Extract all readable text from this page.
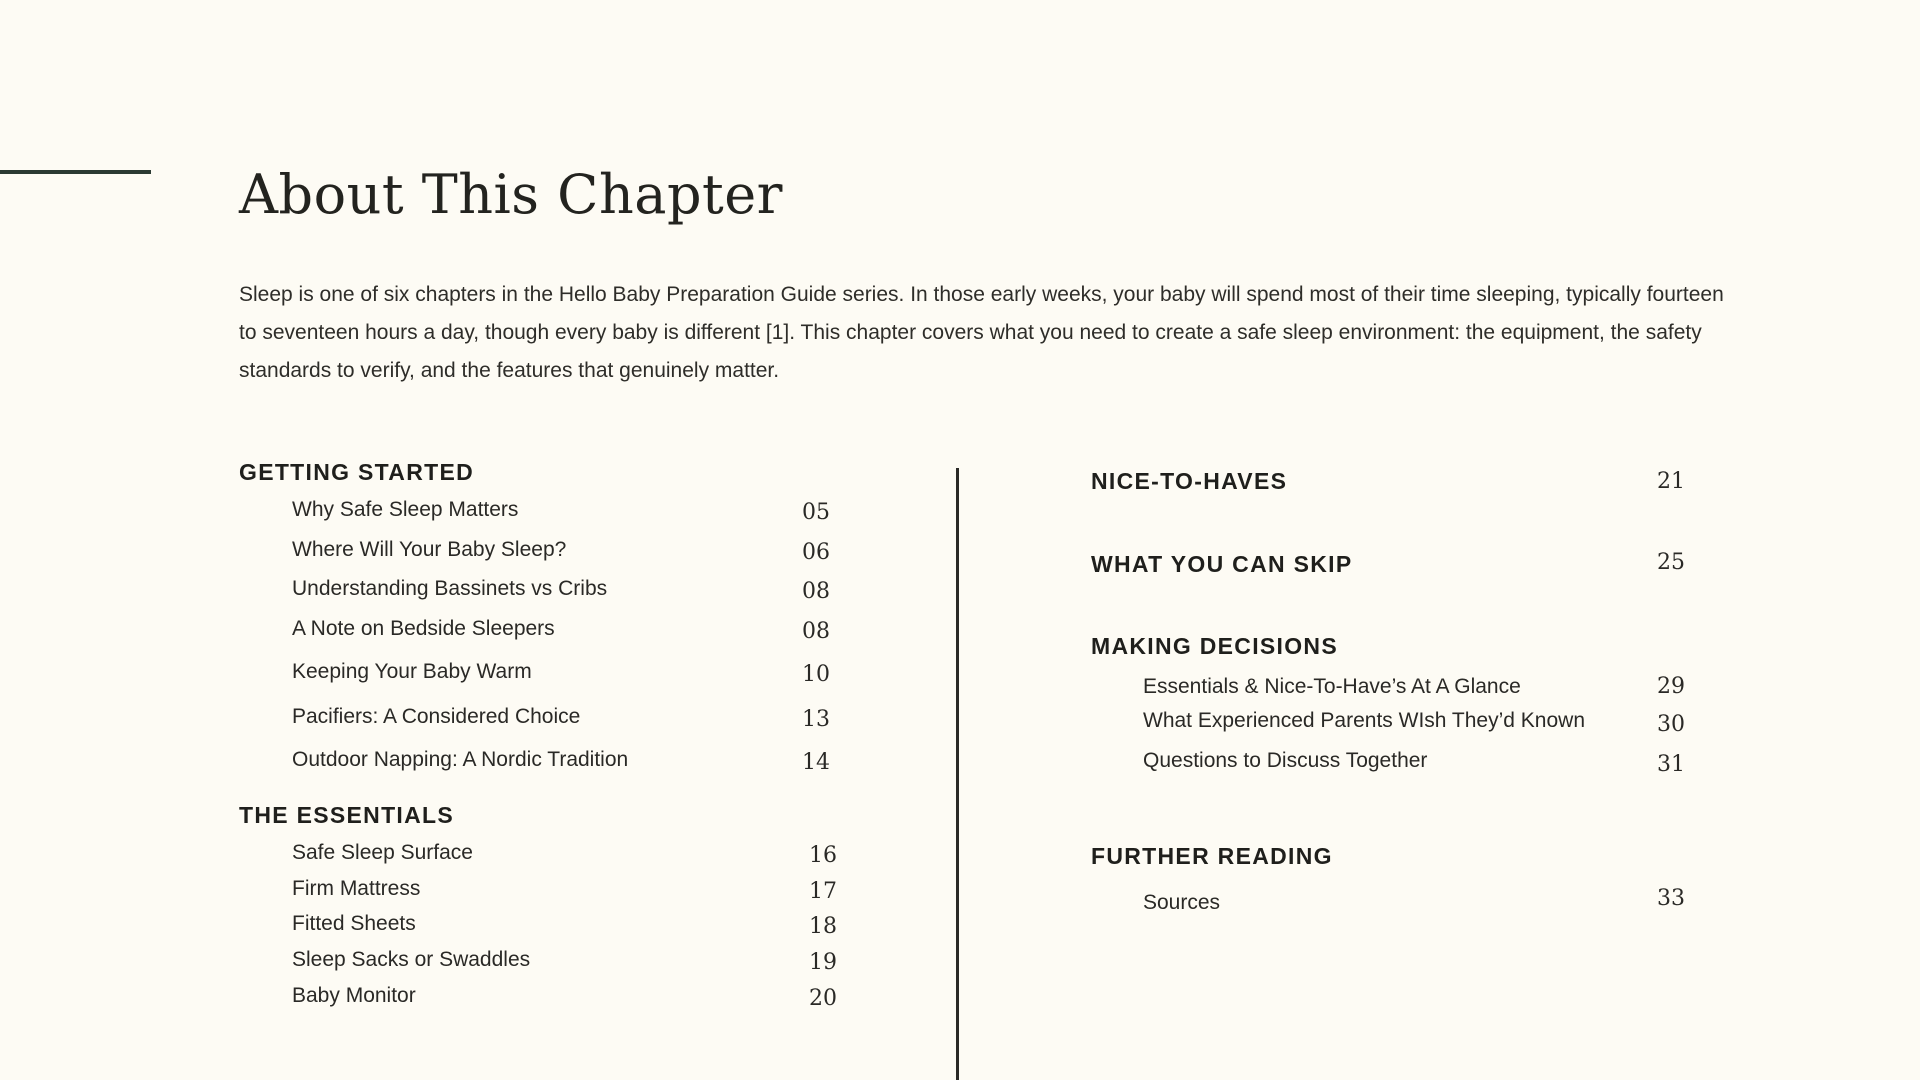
About This Chapter

Sleep is one of six chapters in the Hello Baby Preparation Guide series. In those early weeks, your baby will spend most of their time sleeping, typically fourteen to seventeen hours a day, though every baby is different [1]. This chapter covers what you need to create a safe sleep environment: the equipment, the safety standards to verify, and the features that genuinely matter.

GETTING STARTED
Why Safe Sleep Matters	05
Where Will Your Baby Sleep?	06
Understanding Bassinets vs Cribs	08
A Note on Bedside Sleepers	08
Keeping Your Baby Warm	10
Pacifiers: A Considered Choice	13
Outdoor Napping: A Nordic Tradition	14
THE ESSENTIALS
Safe Sleep Surface	16
Firm Mattress	17
Fitted Sheets	18
Sleep Sacks or Swaddles	19
Baby Monitor	20
NICE-TO-HAVES	21
WHAT YOU CAN SKIP	25
MAKING DECISIONS
Essentials & Nice-To-Have’s At A Glance	29
What Experienced Parents WIsh They’d Known	30
Questions to Discuss Together	31
FURTHER READING
Sources	33
